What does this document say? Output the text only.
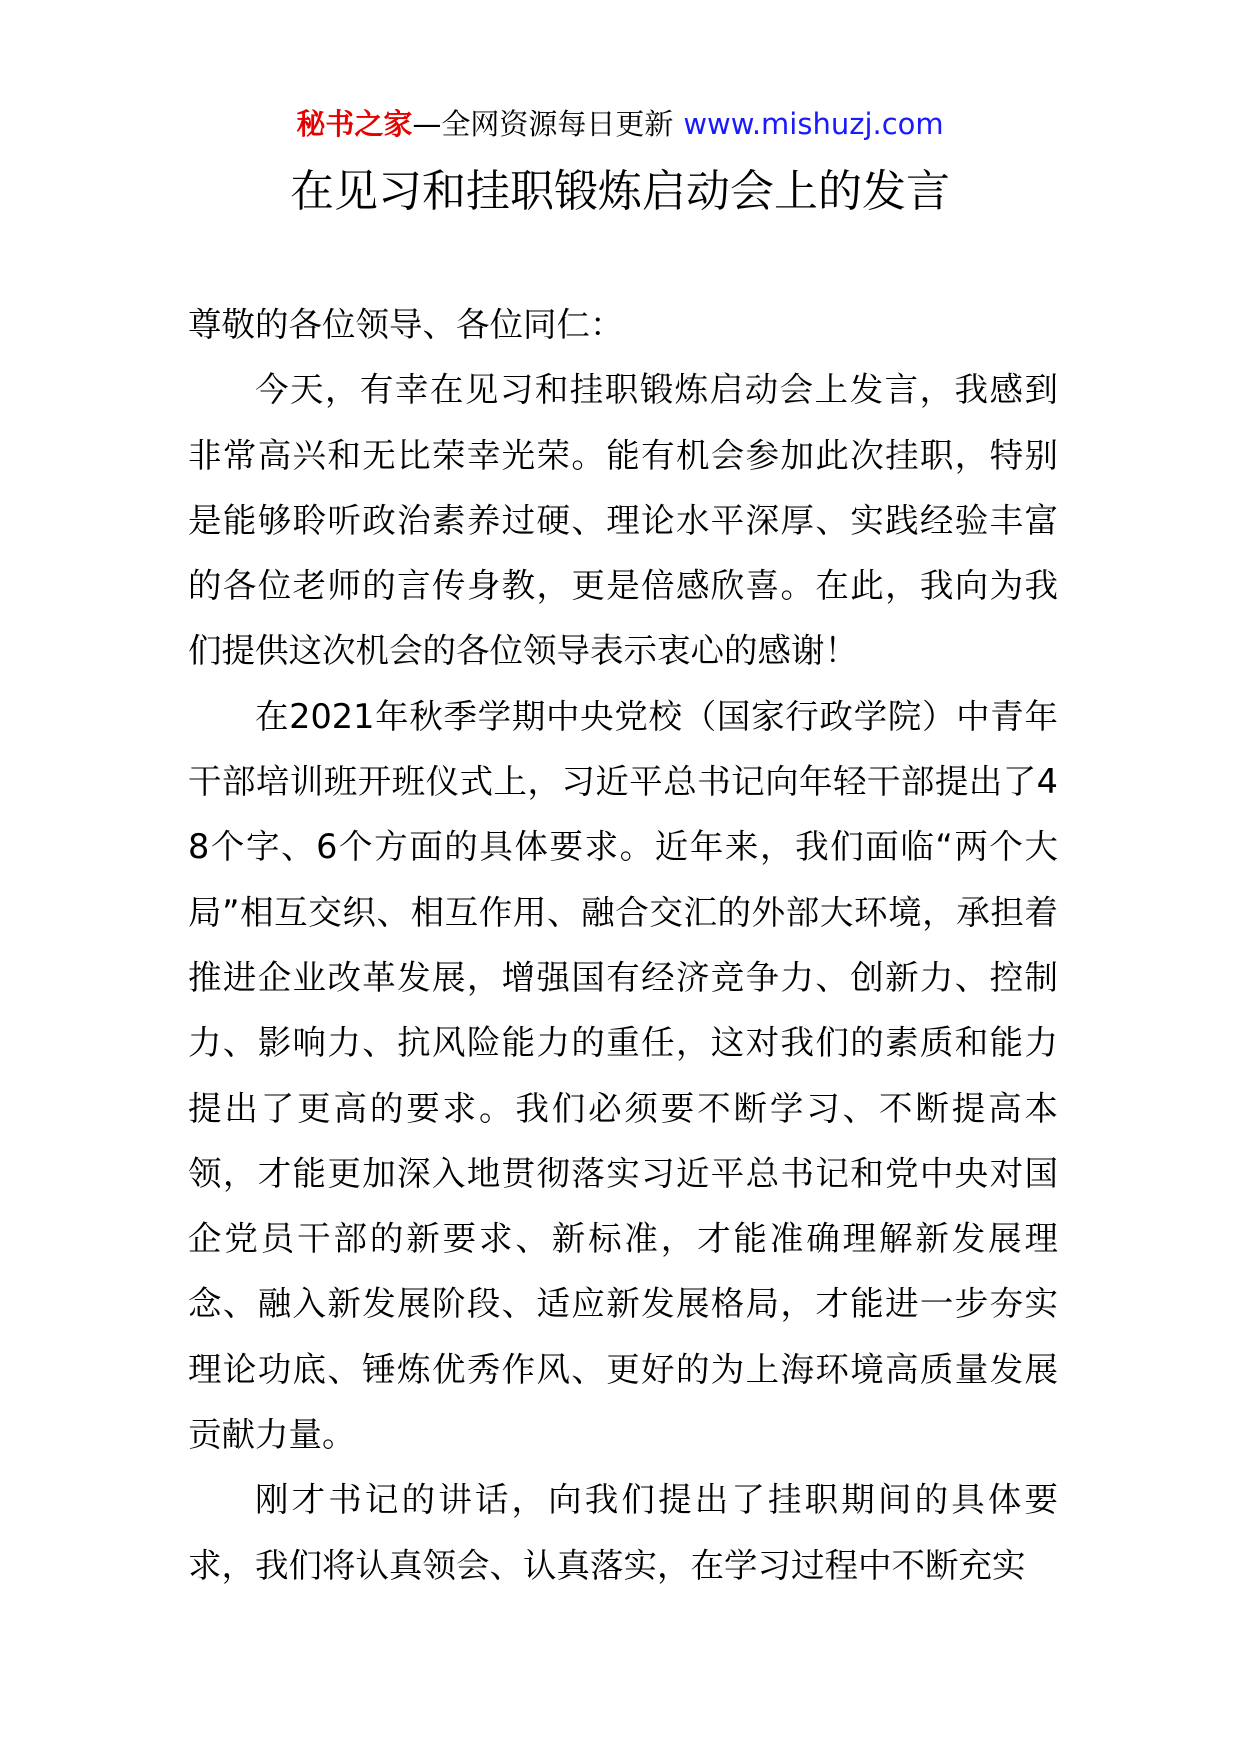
秘书之家—全网资源每日更新 www.mishuzj.com
在见习和挂职锻炼启动会上的发言

尊敬的各位领导、各位同仁：

今天，有幸在见习和挂职锻炼启动会上发言，我感到非常高兴和无比荣幸光荣。能有机会参加此次挂职，特别是能够聆听政治素养过硬、理论水平深厚、实践经验丰富的各位老师的言传身教，更是倍感欣喜。在此，我向为我们提供这次机会的各位领导表示衷心的感谢！

在2021年秋季学期中央党校（国家行政学院）中青年干部培训班开班仪式上，习近平总书记向年轻干部提出了48个字、6个方面的具体要求。近年来，我们面临“两个大局”相互交织、相互作用、融合交汇的外部大环境，承担着推进企业改革发展，增强国有经济竞争力、创新力、控制力、影响力、抗风险能力的重任，这对我们的素质和能力提出了更高的要求。我们必须要不断学习、不断提高本领，才能更加深入地贯彻落实习近平总书记和党中央对国企党员干部的新要求、新标准，才能准确理解新发展理念、融入新发展阶段、适应新发展格局，才能进一步夯实理论功底、锤炼优秀作风、更好的为上海环境高质量发展贡献力量。

刚才书记的讲话，向我们提出了挂职期间的具体要求，我们将认真领会、认真落实，在学习过程中不断充实
